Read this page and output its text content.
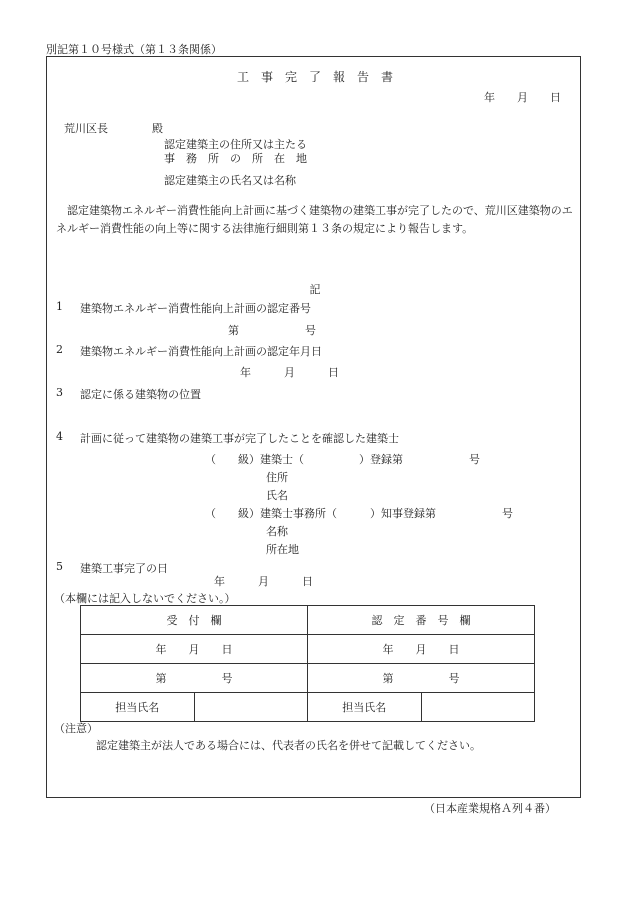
別記第１０号様式（第１３条関係）
工　事　完　了　報　告　書
年　　月　　日
荒川区長	殿
認定建築主の住所又は主たる
事　務　所　の　所　在　地
認定建築主の氏名又は名称
　認定建築物エネルギー消費性能向上計画に基づく建築物の建築工事が完了したので、荒川区建築物のエネルギー消費性能の向上等に関する法律施行細則第１３条の規定により報告します。
記
1 建築物エネルギー消費性能向上計画の認定番号
第　　　　　　号
2 建築物エネルギー消費性能向上計画の認定年月日
年　　　月　　　日
3 認定に係る建築物の位置
4 計画に従って建築物の建築工事が完了したことを確認した建築士
（　　級）建築士（　　　　　）登録第　　　　　　号
住所
氏名
（　　級）建築士事務所（　　　）知事登録第　　　　　　号
名称
所在地
5 建築工事完了の日
年　　　月　　　日
（本欄には記入しないでください。）
受　付　欄		認　定　番　号　欄	
年　　月　　日		年　　月　　日	
第　　　　　号		第　　　　　号	
担当氏名		担当氏名	
（注意）
認定建築主が法人である場合には、代表者の氏名を併せて記載してください。
（日本産業規格Ａ列４番）
